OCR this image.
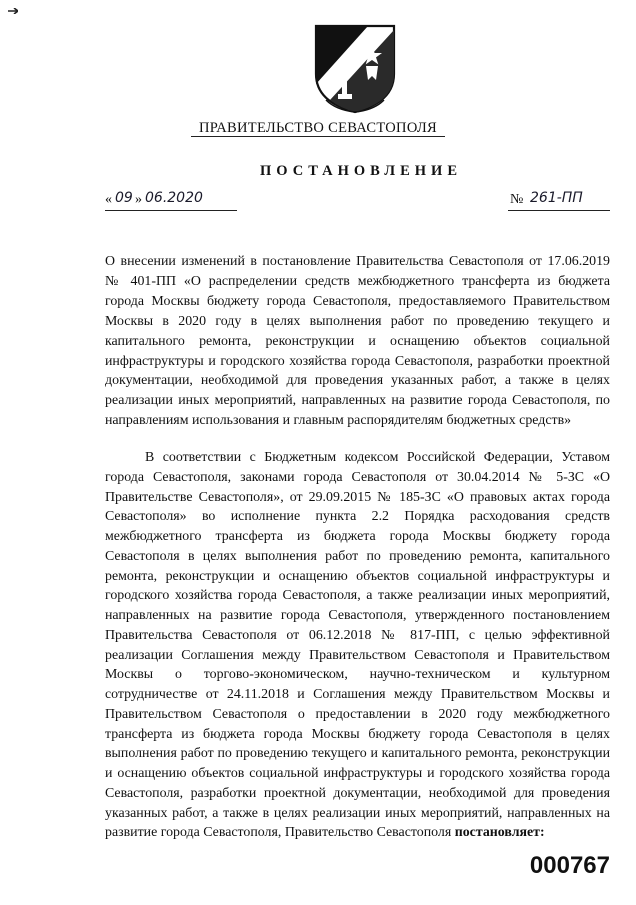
ПРАВИТЕЛЬСТВО СЕВАСТОПОЛЯ
ПОСТАНОВЛЕНИЕ
« 09 » 06.2020	№ 261-ПП
О внесении изменений в постановление Правительства Севастополя от 17.06.2019 № 401-ПП «О распределении средств межбюджетного трансферта из бюджета города Москвы бюджету города Севастополя, предоставляемого Правительством Москвы в 2020 году в целях выполнения работ по проведению текущего и капитального ремонта, реконструкции и оснащению объектов социальной инфраструктуры и городского хозяйства города Севастополя, разработки проектной документации, необходимой для проведения указанных работ, а также в целях реализации иных мероприятий, направленных на развитие города Севастополя, по направлениям использования и главным распорядителям бюджетных средств»
В соответствии с Бюджетным кодексом Российской Федерации, Уставом города Севастополя, законами города Севастополя от 30.04.2014 № 5-ЗС «О Правительстве Севастополя», от 29.09.2015 № 185-ЗС «О правовых актах города Севастополя» во исполнение пункта 2.2 Порядка расходования средств межбюджетного трансферта из бюджета города Москвы бюджету города Севастополя в целях выполнения работ по проведению ремонта, капитального ремонта, реконструкции и оснащению объектов социальной инфраструктуры и городского хозяйства города Севастополя, а также реализации иных мероприятий, направленных на развитие города Севастополя, утвержденного постановлением Правительства Севастополя от 06.12.2018 № 817-ПП, с целью эффективной реализации Соглашения между Правительством Севастополя и Правительством Москвы о торгово-экономическом, научно-техническом и культурном сотрудничестве от 24.11.2018 и Соглашения между Правительством Москвы и Правительством Севастополя о предоставлении в 2020 году межбюджетного трансферта из бюджета города Москвы бюджету города Севастополя в целях выполнения работ по проведению текущего и капитального ремонта, реконструкции и оснащению объектов социальной инфраструктуры и городского хозяйства города Севастополя, разработки проектной документации, необходимой для проведения указанных работ, а также в целях реализации иных мероприятий, направленных на развитие города Севастополя, Правительство Севастополя постановляет:
000767
